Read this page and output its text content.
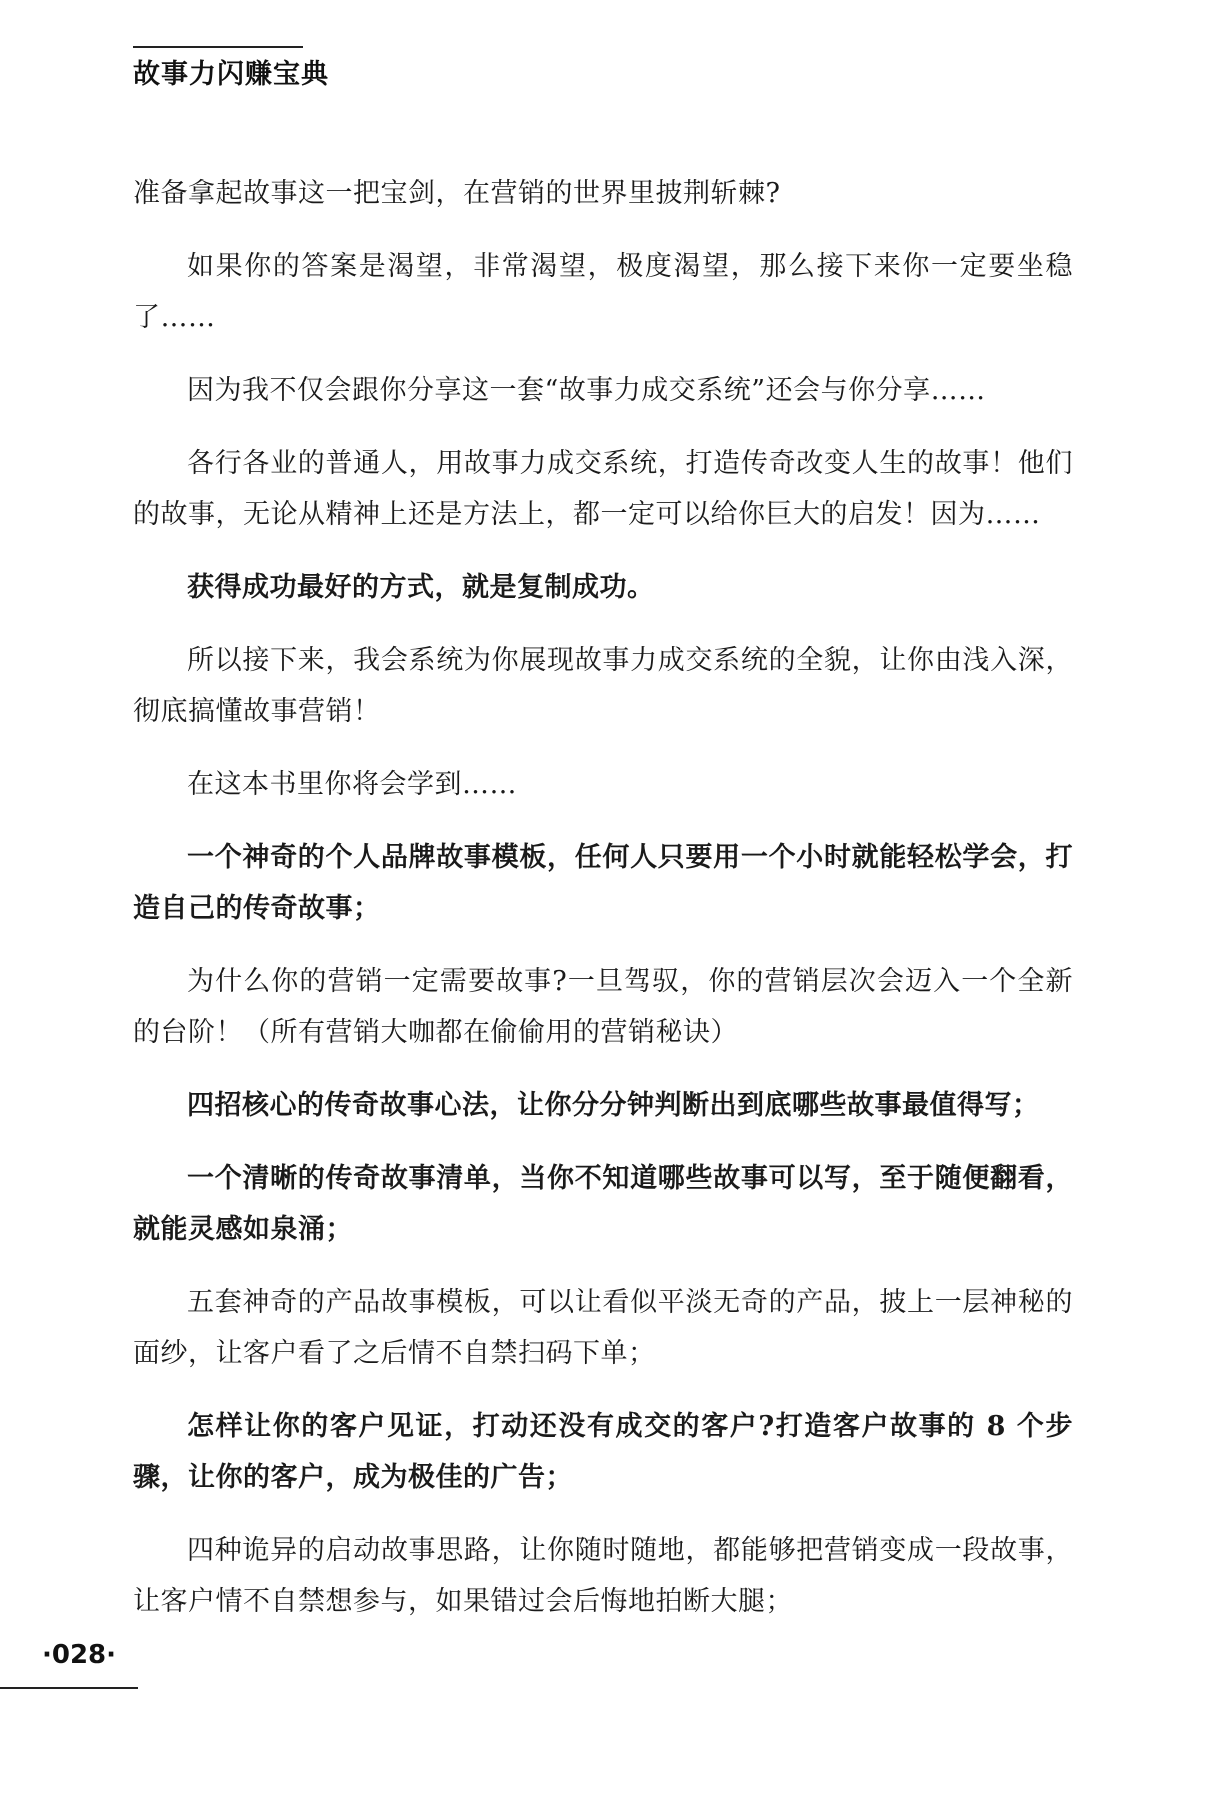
故事力闪赚宝典

准备拿起故事这一把宝剑，在营销的世界里披荆斩棘?

如果你的答案是渴望，非常渴望，极度渴望，那么接下来你一定要坐稳了……

因为我不仅会跟你分享这一套“故事力成交系统”还会与你分享……

各行各业的普通人，用故事力成交系统，打造传奇改变人生的故事！他们的故事，无论从精神上还是方法上，都一定可以给你巨大的启发！因为……

获得成功最好的方式，就是复制成功。

所以接下来，我会系统为你展现故事力成交系统的全貌，让你由浅入深，彻底搞懂故事营销！

在这本书里你将会学到……

一个神奇的个人品牌故事模板，任何人只要用一个小时就能轻松学会，打造自己的传奇故事；

为什么你的营销一定需要故事?一旦驾驭，你的营销层次会迈入一个全新的台阶！（所有营销大咖都在偷偷用的营销秘诀）

四招核心的传奇故事心法，让你分分钟判断出到底哪些故事最值得写；

一个清晰的传奇故事清单，当你不知道哪些故事可以写，至于随便翻看，就能灵感如泉涌；

五套神奇的产品故事模板，可以让看似平淡无奇的产品，披上一层神秘的面纱，让客户看了之后情不自禁扫码下单；

怎样让你的客户见证，打动还没有成交的客户?打造客户故事的 8 个步骤，让你的客户，成为极佳的广告；

四种诡异的启动故事思路，让你随时随地，都能够把营销变成一段故事，让客户情不自禁想参与，如果错过会后悔地拍断大腿；

·028·
